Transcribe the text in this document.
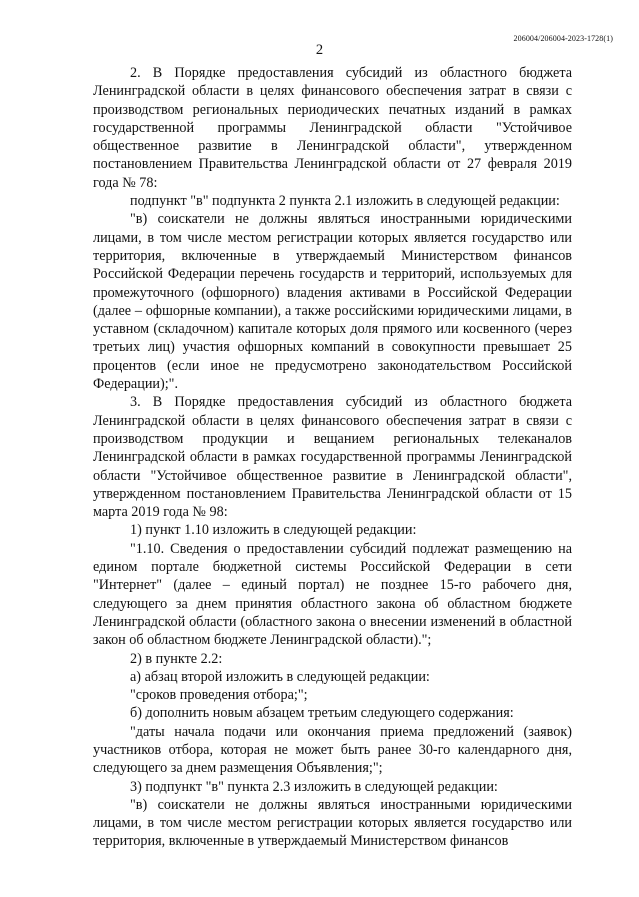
206004/206004-2023-1728(1)
2

2. В Порядке предоставления субсидий из областного бюджета Ленинградской области в целях финансового обеспечения затрат в связи с производством региональных периодических печатных изданий в рамках государственной программы Ленинградской области "Устойчивое общественное развитие в Ленинградской области", утвержденном постановлением Правительства Ленинградской области от 27 февраля 2019 года № 78:

подпункт "в" подпункта 2 пункта 2.1 изложить в следующей редакции:

"в) соискатели не должны являться иностранными юридическими лицами, в том числе местом регистрации которых является государство или территория, включенные в утверждаемый Министерством финансов Российской Федерации перечень государств и территорий, используемых для промежуточного (офшорного) владения активами в Российской Федерации (далее – офшорные компании), а также российскими юридическими лицами, в уставном (складочном) капитале которых доля прямого или косвенного (через третьих лиц) участия офшорных компаний в совокупности превышает 25 процентов (если иное не предусмотрено законодательством Российской Федерации);".

3. В Порядке предоставления субсидий из областного бюджета Ленинградской области в целях финансового обеспечения затрат в связи с производством продукции и вещанием региональных телеканалов Ленинградской области в рамках государственной программы Ленинградской области "Устойчивое общественное развитие в Ленинградской области", утвержденном постановлением Правительства Ленинградской области от 15 марта 2019 года № 98:

1) пункт 1.10 изложить в следующей редакции:

"1.10. Сведения о предоставлении субсидий подлежат размещению на едином портале бюджетной системы Российской Федерации в сети "Интернет" (далее – единый портал) не позднее 15-го рабочего дня, следующего за днем принятия областного закона об областном бюджете Ленинградской области (областного закона о внесении изменений в областной закон об областном бюджете Ленинградской области).";

2) в пункте 2.2:

а) абзац второй изложить в следующей редакции:

"сроков проведения отбора;";

б) дополнить новым абзацем третьим следующего содержания:

"даты начала подачи или окончания приема предложений (заявок) участников отбора, которая не может быть ранее 30-го календарного дня, следующего за днем размещения Объявления;";

3) подпункт "в" пункта 2.3 изложить в следующей редакции:

"в) соискатели не должны являться иностранными юридическими лицами, в том числе местом регистрации которых является государство или территория, включенные в утверждаемый Министерством финансов
